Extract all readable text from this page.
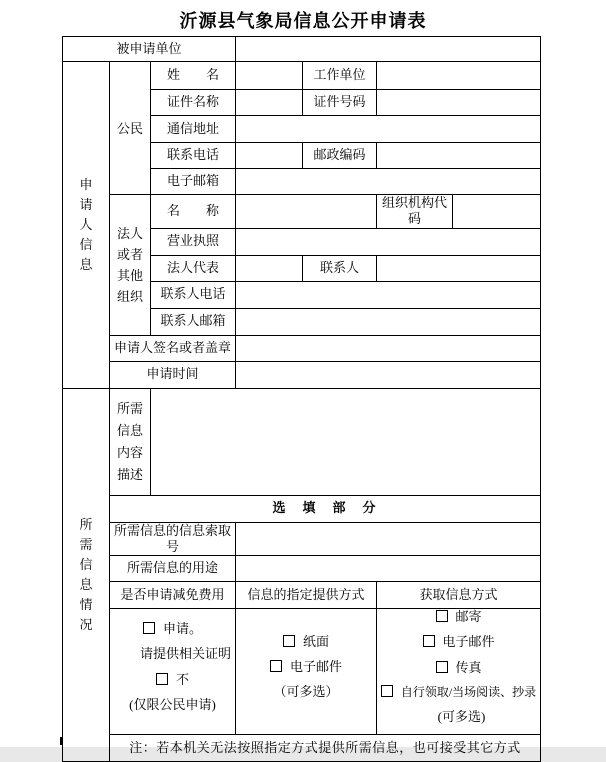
沂源县气象局信息公开申请表
被申请单位						

申请人信息	公民	姓　　名		工作单位		
		证件名称		证件号码		
		通信地址				
		联系电话		邮政编码		
		电子邮箱				

	法人或者其他组织	名　　称			组织机构代码	
		营业执照				
		法人代表		联系人		
		联系人电话				
		联系人邮箱				
	申请人签名或者盖章					
	申请时间					

所需信息情况	所需信息内容描述					

	选　填　部　分					
	所需信息的信息索取号					
	所需信息的用途					
	是否申请减免费用		信息的指定提供方式		获取信息方式	

申请。
请提供相关证明
不
(仅限公民申请)

纸面
电子邮件
（可多选）

邮寄
电子邮件
传真
自行领取/当场阅读、抄录
(可多选)

	注：若本机关无法按照指定方式提供所需信息，也可接受其它方式					
